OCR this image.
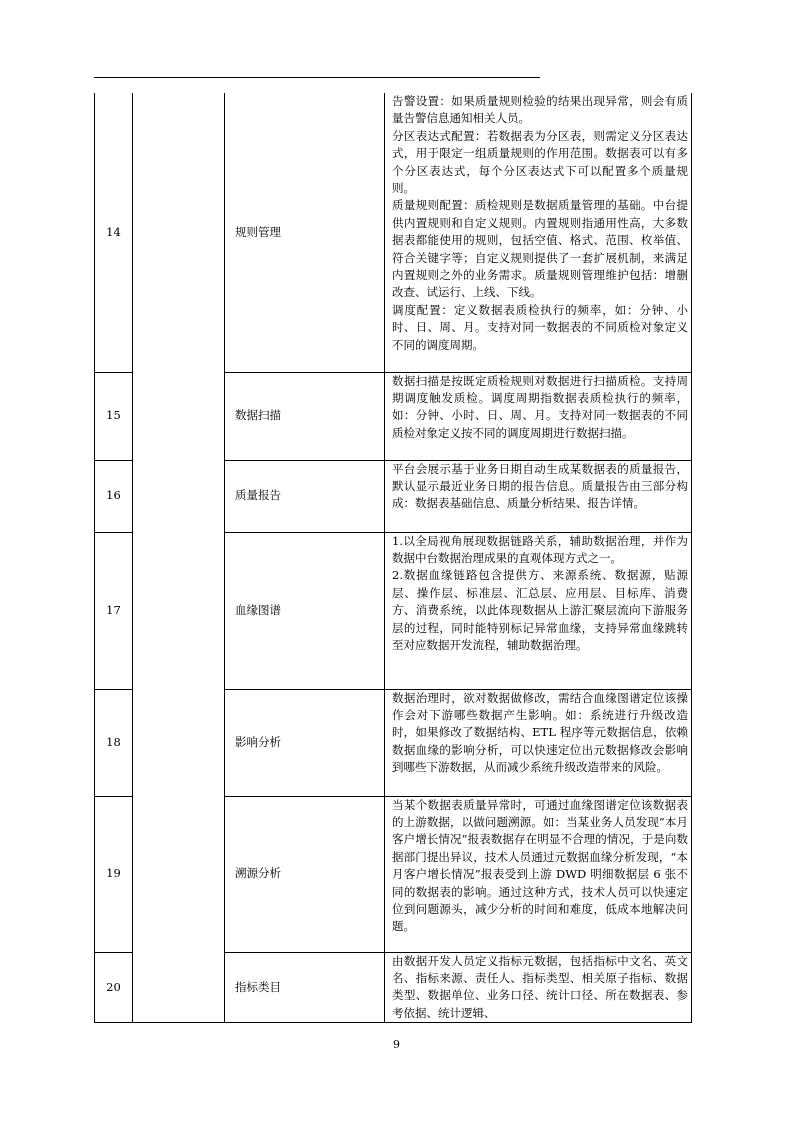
14		规则管理	告警设置：如果质量规则检验的结果出现异常，则会有质 量告警信息通知相关人员。
分区表达式配置：若数据表为分区表，则需定义分区表达式，用于限定一组质量规则的作用范围。数据表可以有多个分区表达式，每个分区表达式下可以配置多个质量规则。
质量规则配置：质检规则是数据质量管理的基础。中台提供内置规则和自定义规则。内置规则指通用性高，大多数据表都能使用的规则，包括空值、格式、范围、枚举值、符合关键字等；自定义规则提供了一套扩展机制，来满足内置规则之外的业务需求。质量规则管理维护包括：增删改查、试运行、上线、下线。
调度配置：定义数据表质检执行的频率，如：分钟、小时、日、周、月。支持对同一数据表的不同质检对象定义不同的调度周期。

15		数据扫描	数据扫描是按既定质检规则对数据进行扫描质检。支持周期调度触发质检。调度周期指数据表质检执行的频率，如：分钟、小时、日、周、月。支持对同一数据表的不同质检对象定义按不同的调度周期进行数据扫描。

16		质量报告	平台会展示基于业务日期自动生成某数据表的质量报告，默认显示最近业务日期的报告信息。质量报告由三部分构成：数据表基础信息、质量分析结果、报告详情。

17		血缘图谱	1.以全局视角展现数据链路关系，辅助数据治理，并作为数据中台数据治理成果的直观体现方式之一。
2.数据血缘链路包含提供方、来源系统、数据源，贴源层、操作层、标准层、汇总层、应用层、目标库、消费方、消费系统，以此体现数据从上游汇聚层流向下游服务层的过程，同时能特别标记异常血缘，支持异常血缘跳转至对应数据开发流程，辅助数据治理。

18		影响分析	数据治理时，欲对数据做修改，需结合血缘图谱定位该操作会对下游哪些数据产生影响。如：系统进行升级改造时，如果修改了数据结构、ETL 程序等元数据信息，依赖数据血缘的影响分析，可以快速定位出元数据修改会影响到哪些下游数据，从而减少系统升级改造带来的风险。

19		溯源分析	当某个数据表质量异常时，可通过血缘图谱定位该数据表的上游数据，以做问题溯源。如：当某业务人员发现“本月客户增长情况”报表数据存在明显不合理的情况，于是向数据部门提出异议，技术人员通过元数据血缘分析发现，“本月客户增长情况”报表受到上游 DWD 明细数据层 6 张不同的数据表的影响。通过这种方式，技术人员可以快速定位到问题源头，减少分析的时间和难度，低成本地解决问题。

20		指标类目	由数据开发人员定义指标元数据，包括指标中文名、英文名、指标来源、责任人、指标类型、相关原子指标、数据类型、数据单位、业务口径、统计口径、所在数据表、参考依据、统计逻辑、
9
